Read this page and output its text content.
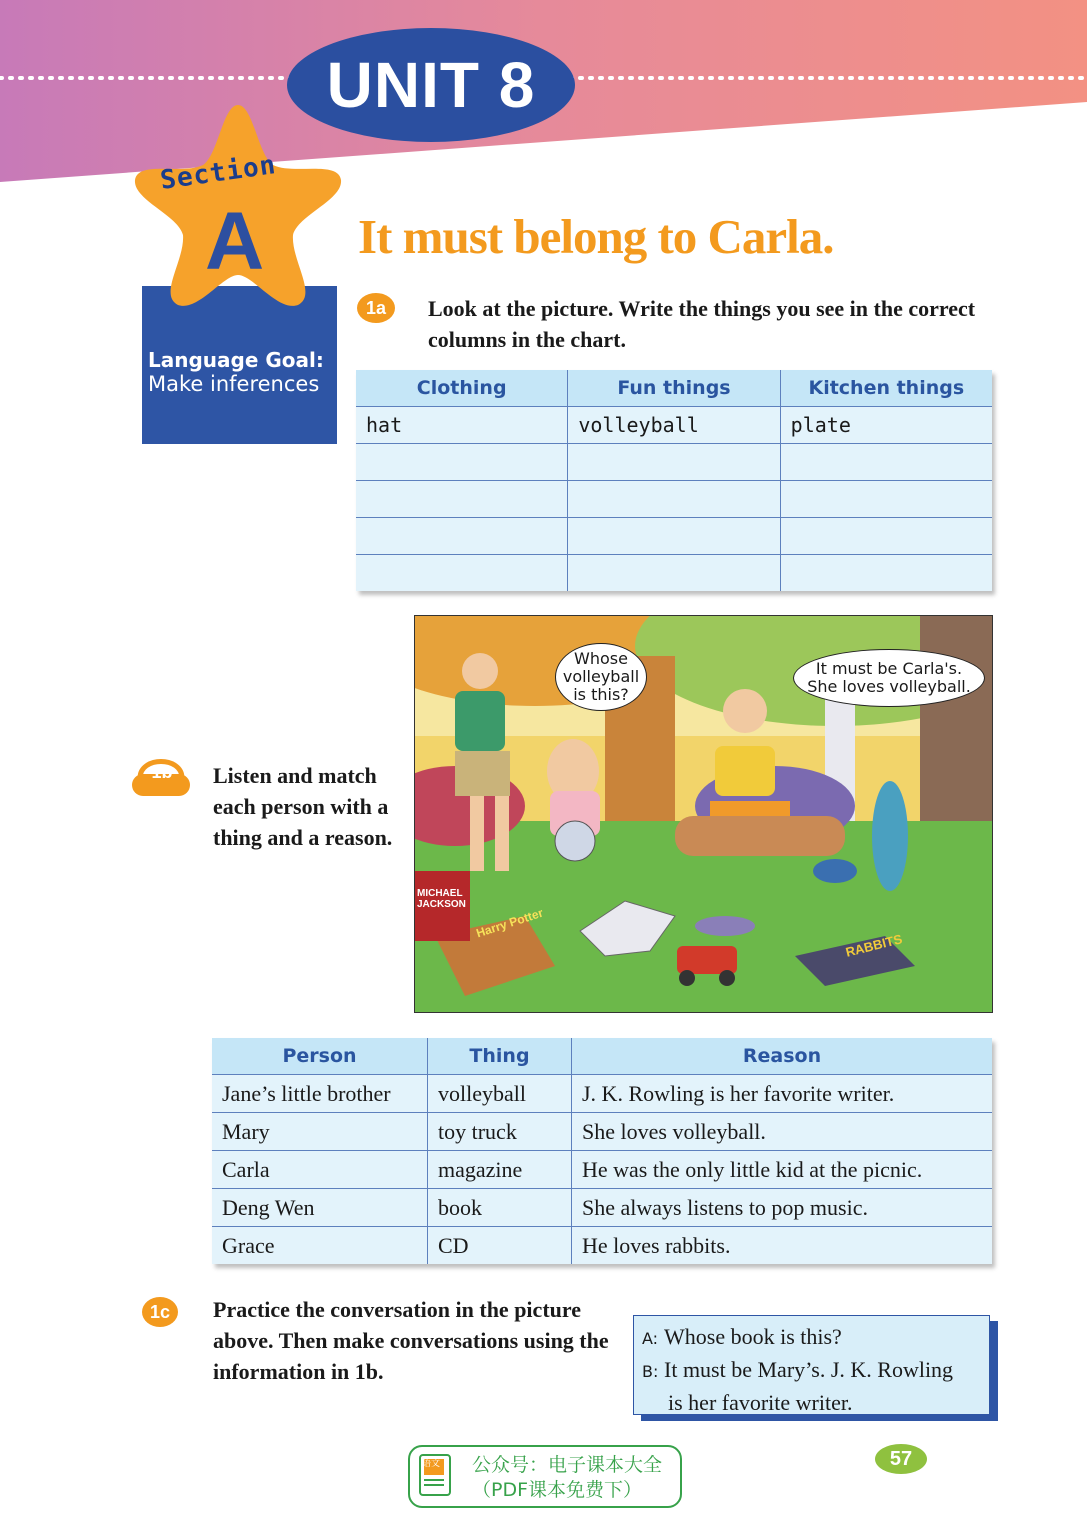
UNIT 8
Language Goal:
Make inferences
Section
A It must belong to Carla.
1a	Look at the picture. Write the things you see in the correct columns in the chart.
Clothing	Fun things	Kitchen things
hat	volleyball	plate

Whose
volleyball
is this?
It must be Carla's.
She loves volleyball.
MICHAEL JACKSON
Harry Potter
RABBITS
1b	Listen and match each person with a thing and a reason.
Person	Thing	Reason
Jane’s little brother	volleyball	J. K. Rowling is her favorite writer.
Mary	toy truck	She loves volleyball.
Carla	magazine	He was the only little kid at the picnic.
Deng Wen	book	She always listens to pop music.
Grace	CD	He loves rabbits.
1c	Practice the conversation in the picture above. Then make conversations using the information in 1b.
A: Whose book is this?
B: It must be Mary’s. J. K. Rowling
is her favorite writer.
语文 公众号：电子课本大全
（PDF课本免费下）
57
